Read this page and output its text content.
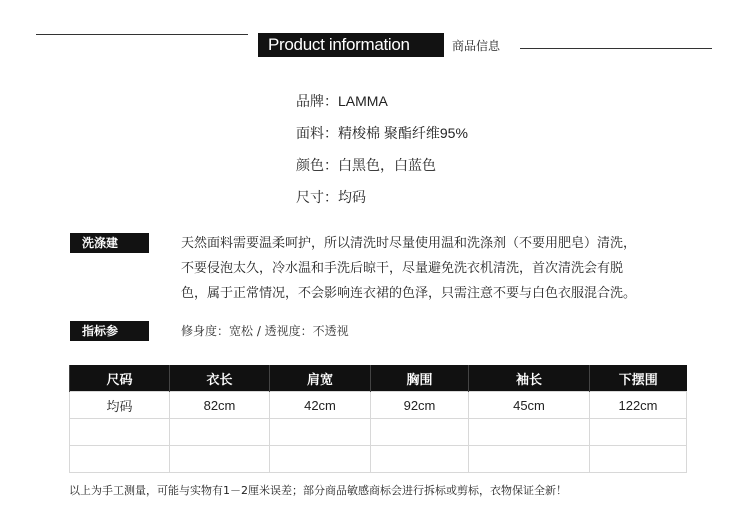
Product information	商品信息
品牌：LAMMA
面料：精梭棉 聚酯纤维95%
颜色：白黑色，白蓝色
尺寸：均码
洗涤建议：
天然面料需要温柔呵护，所以清洗时尽量使用温和洗涤剂（不要用肥皂）清洗，
不要侵泡太久，冷水温和手洗后晾干，尽量避免洗衣机清洗，首次清洗会有脱
色，属于正常情况，不会影响连衣裙的色泽，只需注意不要与白色衣服混合洗。
指标参数：
修身度：宽松 / 透视度：不透视
尺码	衣长	肩宽	胸围	袖长	下摆围
均码	82cm	42cm	92cm	45cm	122cm

以上为手工测量，可能与实物有1－2厘米误差；部分商品敏感商标会进行拆标或剪标，衣物保证全新！
